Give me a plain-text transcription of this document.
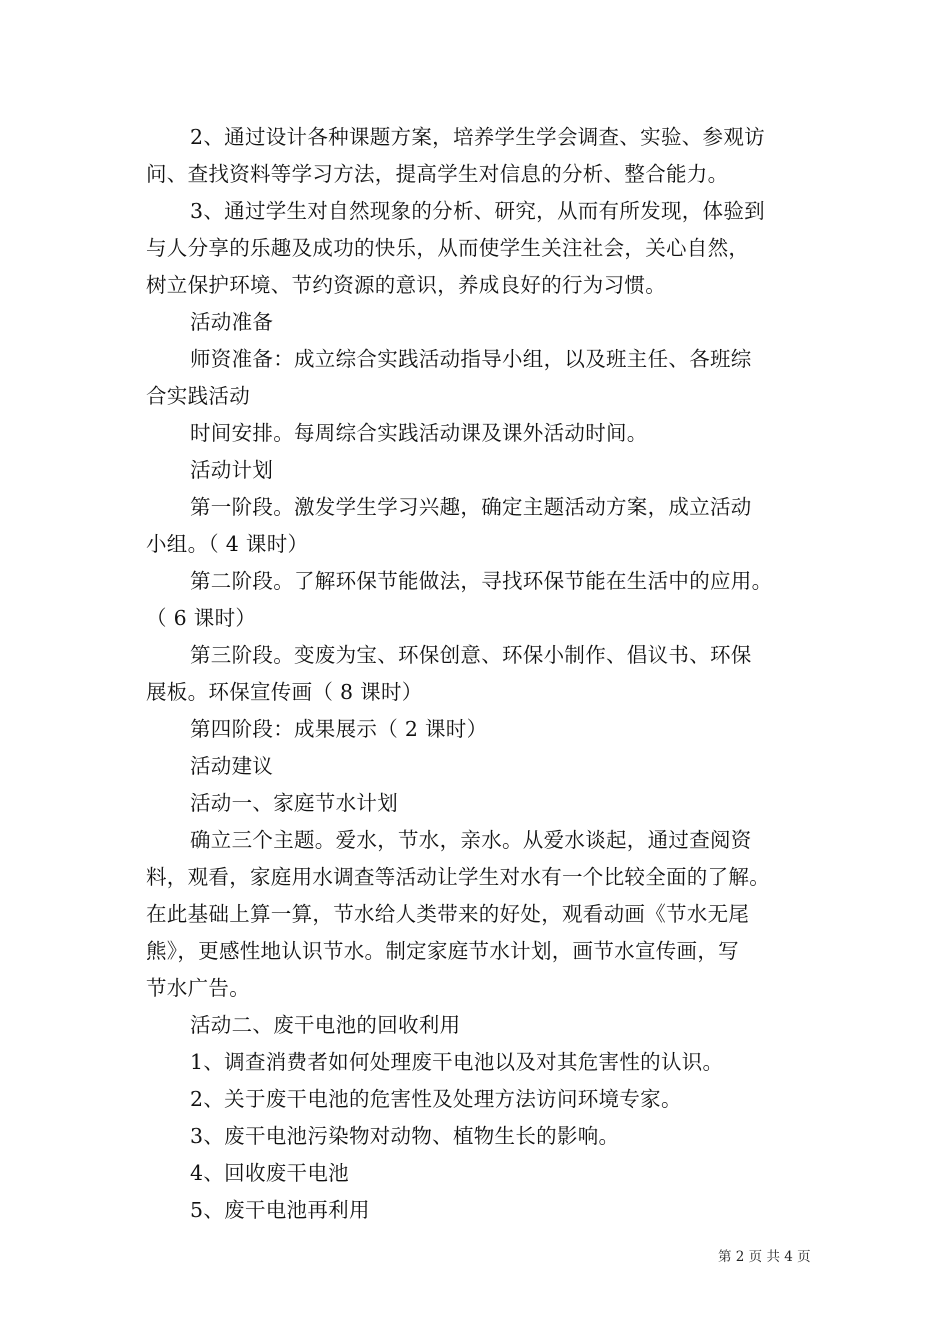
2、通过设计各种课题方案，培养学生学会调查、实验、参观访
问、查找资料等学习方法，提高学生对信息的分析、整合能力。
3、通过学生对自然现象的分析、研究，从而有所发现，体验到
与人分享的乐趣及成功的快乐，从而使学生关注社会，关心自然，
树立保护环境、节约资源的意识，养成良好的行为习惯。
活动准备
师资准备：成立综合实践活动指导小组，以及班主任、各班综
合实践活动
时间安排。每周综合实践活动课及课外活动时间。
活动计划
第一阶段。激发学生学习兴趣，确定主题活动方案，成立活动
小组。（ 4 课时）
第二阶段。了解环保节能做法，寻找环保节能在生活中的应用。
（ 6 课时）
第三阶段。变废为宝、环保创意、环保小制作、倡议书、环保
展板。环保宣传画（ 8 课时）
第四阶段：成果展示（ 2 课时）
活动建议
活动一、家庭节水计划
确立三个主题。爱水，节水，亲水。从爱水谈起，通过查阅资
料，观看，家庭用水调查等活动让学生对水有一个比较全面的了解。
在此基础上算一算，节水给人类带来的好处，观看动画《节水无尾
熊》，更感性地认识节水。制定家庭节水计划，画节水宣传画，写
节水广告。
活动二、废干电池的回收利用
1、调查消费者如何处理废干电池以及对其危害性的认识。
2、关于废干电池的危害性及处理方法访问环境专家。
3、废干电池污染物对动物、植物生长的影响。
4、回收废干电池
5、废干电池再利用
第 2 页 共 4 页
